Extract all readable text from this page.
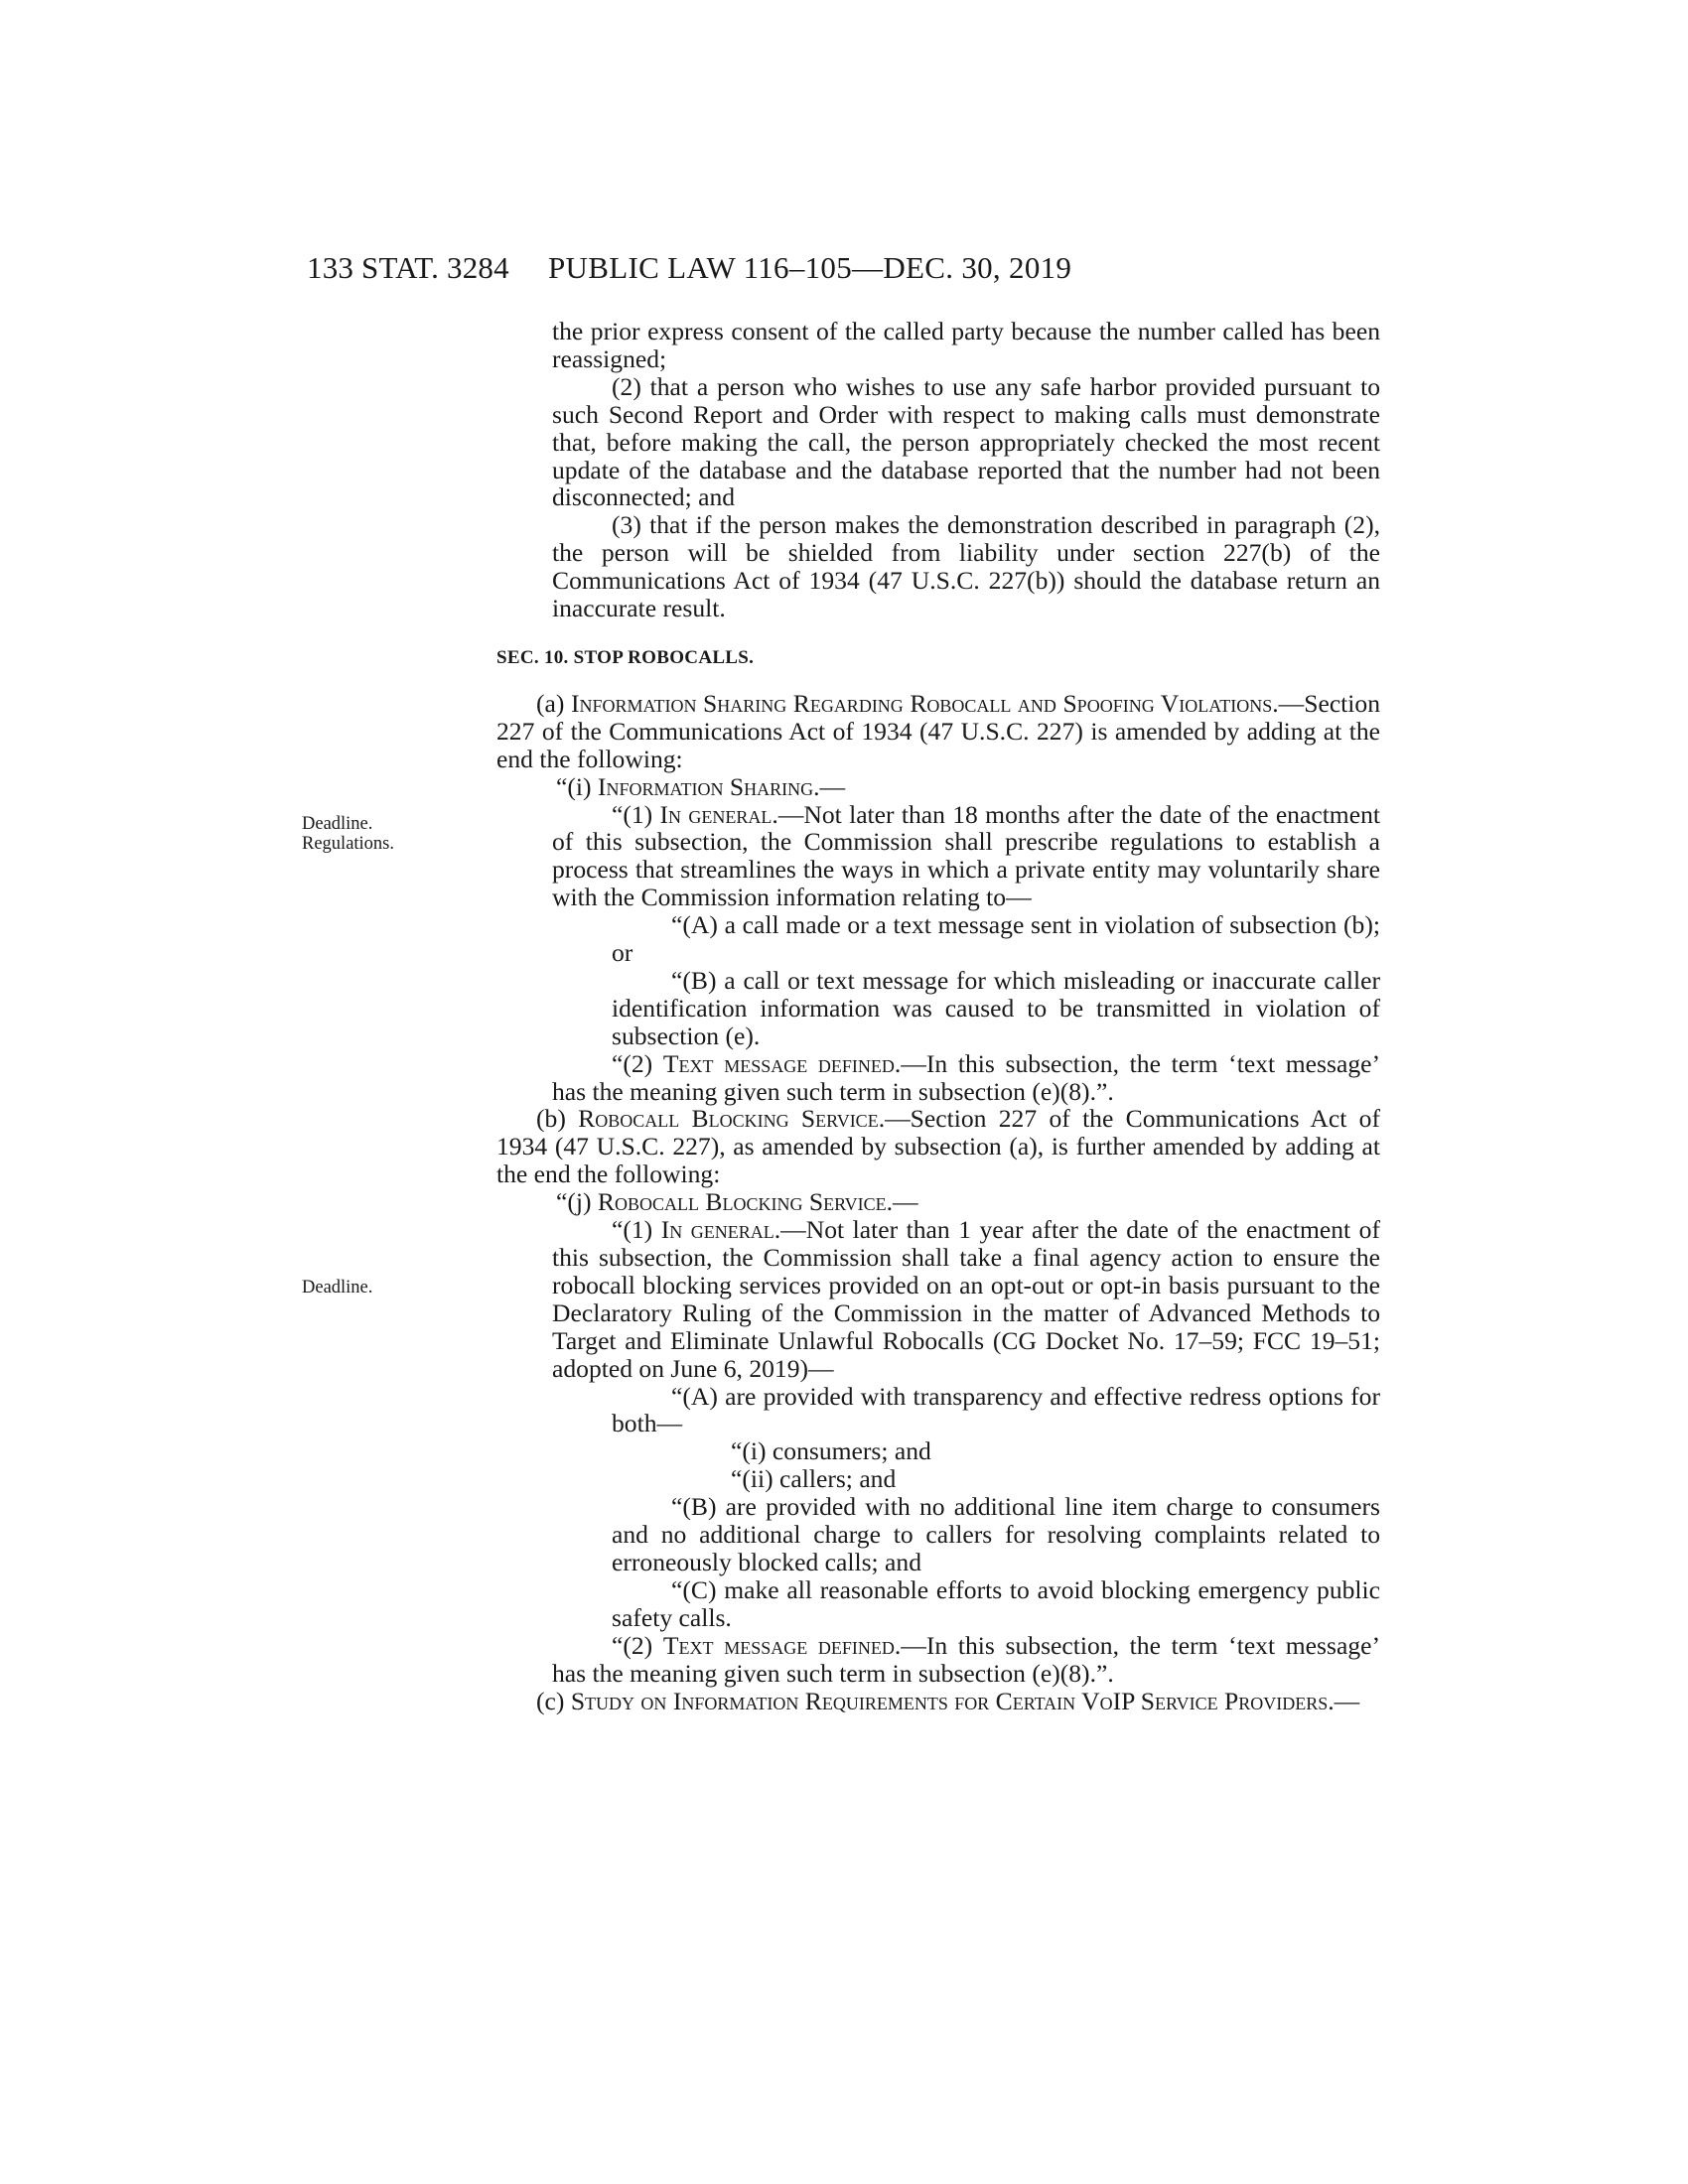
133 STAT. 3284 PUBLIC LAW 116–105—DEC. 30, 2019
Deadline.
Regulations.
Deadline.

the prior express consent of the called party because the number called has been reassigned;

(2) that a person who wishes to use any safe harbor provided pursuant to such Second Report and Order with respect to making calls must demonstrate that, before making the call, the person appropriately checked the most recent update of the database and the database reported that the number had not been disconnected; and

(3) that if the person makes the demonstration described in paragraph (2), the person will be shielded from liability under section 227(b) of the Communications Act of 1934 (47 U.S.C. 227(b)) should the database return an inaccurate result.

SEC. 10. STOP ROBOCALLS.

(a) Information Sharing Regarding Robocall and Spoofing Violations.—Section 227 of the Communications Act of 1934 (47 U.S.C. 227) is amended by adding at the end the following:

“(i) Information Sharing.—

“(1) In general.—Not later than 18 months after the date of the enactment of this subsection, the Commission shall prescribe regulations to establish a process that streamlines the ways in which a private entity may voluntarily share with the Commission information relating to—

“(A) a call made or a text message sent in violation of subsection (b); or

“(B) a call or text message for which misleading or inaccurate caller identification information was caused to be transmitted in violation of subsection (e).

“(2) Text message defined.—In this subsection, the term ‘text message’ has the meaning given such term in subsection (e)(8).”.

(b) Robocall Blocking Service.—Section 227 of the Communications Act of 1934 (47 U.S.C. 227), as amended by subsection (a), is further amended by adding at the end the following:

“(j) Robocall Blocking Service.—

“(1) In general.—Not later than 1 year after the date of the enactment of this subsection, the Commission shall take a final agency action to ensure the robocall blocking services provided on an opt-out or opt-in basis pursuant to the Declaratory Ruling of the Commission in the matter of Advanced Methods to Target and Eliminate Unlawful Robocalls (CG Docket No. 17–59; FCC 19–51; adopted on June 6, 2019)—

“(A) are provided with transparency and effective redress options for both—

“(i) consumers; and

“(ii) callers; and

“(B) are provided with no additional line item charge to consumers and no additional charge to callers for resolving complaints related to erroneously blocked calls; and

“(C) make all reasonable efforts to avoid blocking emergency public safety calls.

“(2) Text message defined.—In this subsection, the term ‘text message’ has the meaning given such term in subsection (e)(8).”.

(c) Study on Information Requirements for Certain VoIP Service Providers.—
